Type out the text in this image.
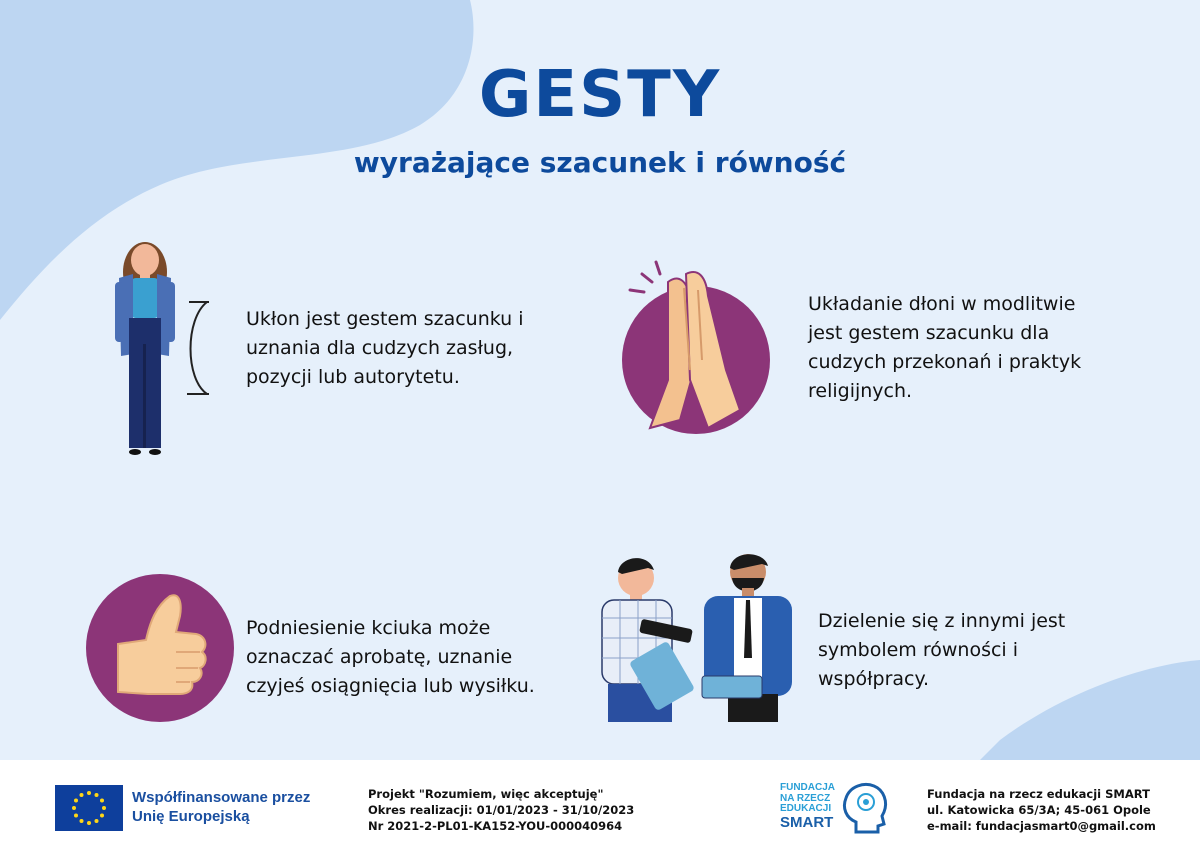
GESTY
wyrażające szacunek i równość

Ukłon jest gestem szacunku i
uznania dla cudzych zasług,
pozycji lub autorytetu.

Układanie dłoni w modlitwie
jest gestem szacunku dla
cudzych przekonań i praktyk
religijnych.

Podniesienie kciuka może
oznaczać aprobatę, uznanie
czyjeś osiągnięcia lub wysiłku.

Dzielenie się z innymi jest
symbolem równości i
współpracy.

Współfinansowane przez
Unię Europejską
Projekt "Rozumiem, więc akceptuję"
Okres realizacji: 01/01/2023 - 31/10/2023
Nr 2021-2-PL01-KA152-YOU-000040964
FUNDACJA
NA RZECZ
EDUKACJI
SMART
Fundacja na rzecz edukacji SMART
ul. Katowicka 65/3A; 45-061 Opole
e-mail: fundacjasmart0@gmail.com
